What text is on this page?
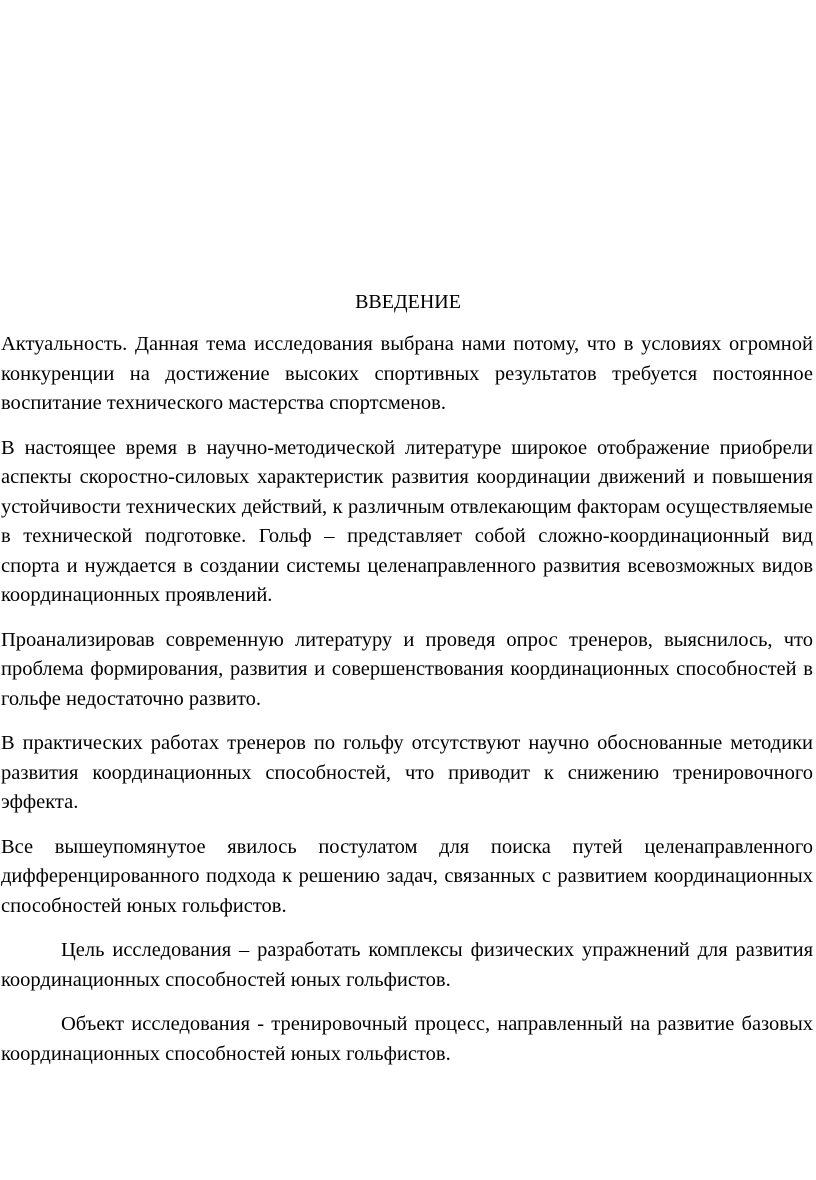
ВВЕДЕНИЕ

Актуальность. Данная тема исследования выбрана нами потому, что в условиях огромной конкуренции на достижение высоких спортивных результатов требуется постоянное воспитание технического мастерства спортсменов.

В настоящее время в научно-методической литературе широкое отображение приобрели аспекты скоростно-силовых характеристик развития координации движений и повышения устойчивости технических действий, к различным отвлекающим факторам осуществляемые в технической подготовке. Гольф – представляет собой сложно-координационный вид спорта и нуждается в создании системы целенаправленного развития всевозможных видов координационных проявлений.

Проанализировав современную литературу и проведя опрос тренеров, выяснилось, что проблема формирования, развития и совершенствования координационных способностей в гольфе недостаточно развито.

В практических работах тренеров по гольфу отсутствуют научно обоснованные методики развития координационных способностей, что приводит к снижению тренировочного эффекта.

Все вышеупомянутое явилось постулатом для поиска путей целенаправленного дифференцированного подхода к решению задач, связанных с развитием координационных способностей юных гольфистов.

Цель исследования – разработать комплексы физических упражнений для развития координационных способностей юных гольфистов.

Объект исследования - тренировочный процесс, направленный на развитие базовых координационных способностей юных гольфистов.
